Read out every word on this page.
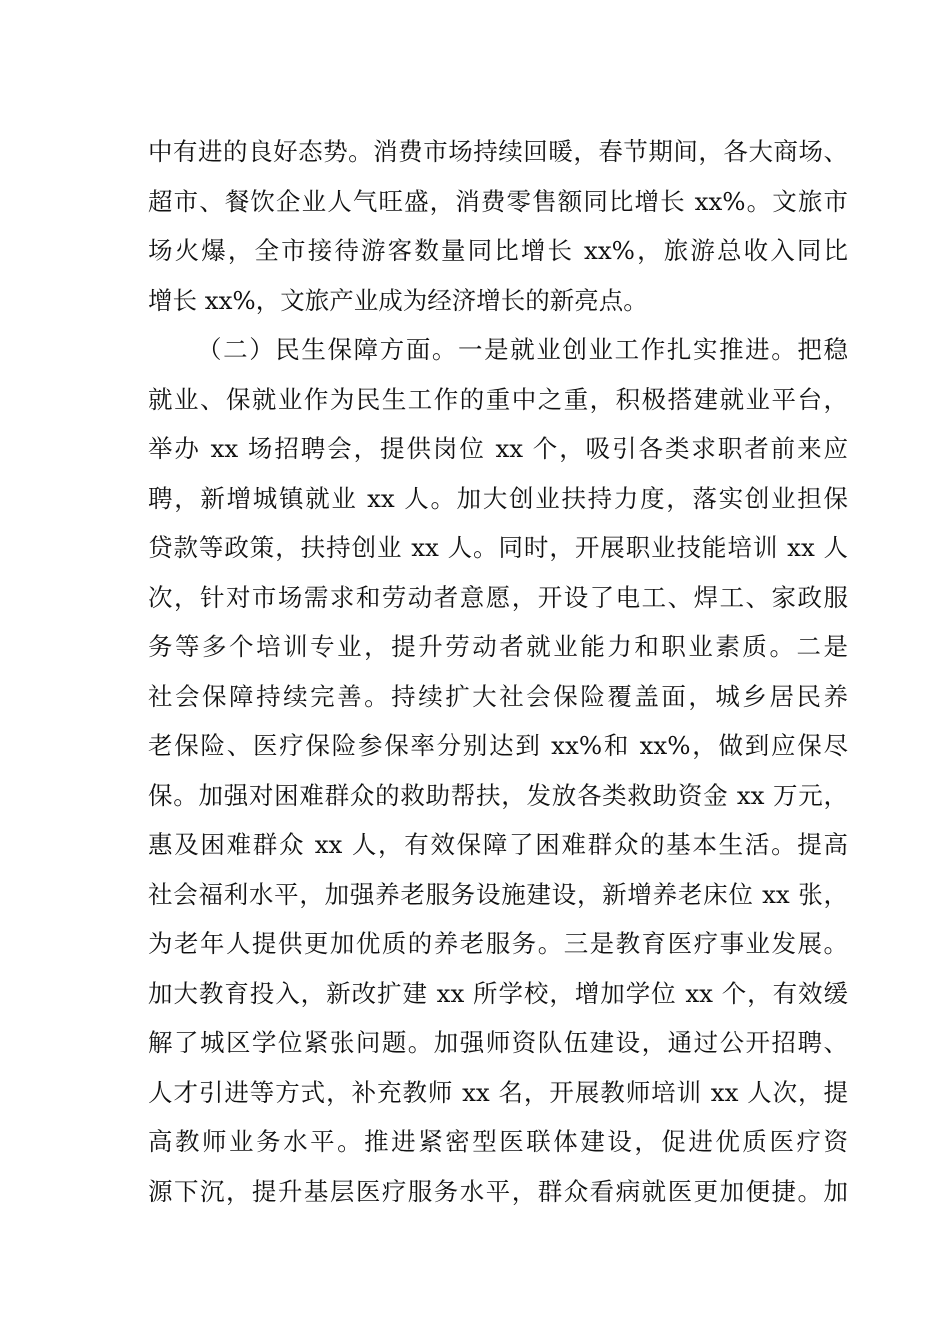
中有进的良好态势。消费市场持续回暖，春节期间，各大商场、
超市、餐饮企业人气旺盛，消费零售额同比增长 xx%。文旅市
场火爆，全市接待游客数量同比增长 xx%，旅游总收入同比
增长 xx%，文旅产业成为经济增长的新亮点。
（二）民生保障方面。一是就业创业工作扎实推进。把稳
就业、保就业作为民生工作的重中之重，积极搭建就业平台，
举办 xx 场招聘会，提供岗位 xx 个，吸引各类求职者前来应
聘，新增城镇就业 xx 人。加大创业扶持力度，落实创业担保
贷款等政策，扶持创业 xx 人。同时，开展职业技能培训 xx 人
次，针对市场需求和劳动者意愿，开设了电工、焊工、家政服
务等多个培训专业，提升劳动者就业能力和职业素质。二是
社会保障持续完善。持续扩大社会保险覆盖面，城乡居民养
老保险、医疗保险参保率分别达到 xx%和 xx%，做到应保尽
保。加强对困难群众的救助帮扶，发放各类救助资金 xx 万元，
惠及困难群众 xx 人，有效保障了困难群众的基本生活。提高
社会福利水平，加强养老服务设施建设，新增养老床位 xx 张，
为老年人提供更加优质的养老服务。三是教育医疗事业发展。
加大教育投入，新改扩建 xx 所学校，增加学位 xx 个，有效缓
解了城区学位紧张问题。加强师资队伍建设，通过公开招聘、
人才引进等方式，补充教师 xx 名，开展教师培训 xx 人次，提
高教师业务水平。推进紧密型医联体建设，促进优质医疗资
源下沉，提升基层医疗服务水平，群众看病就医更加便捷。加
